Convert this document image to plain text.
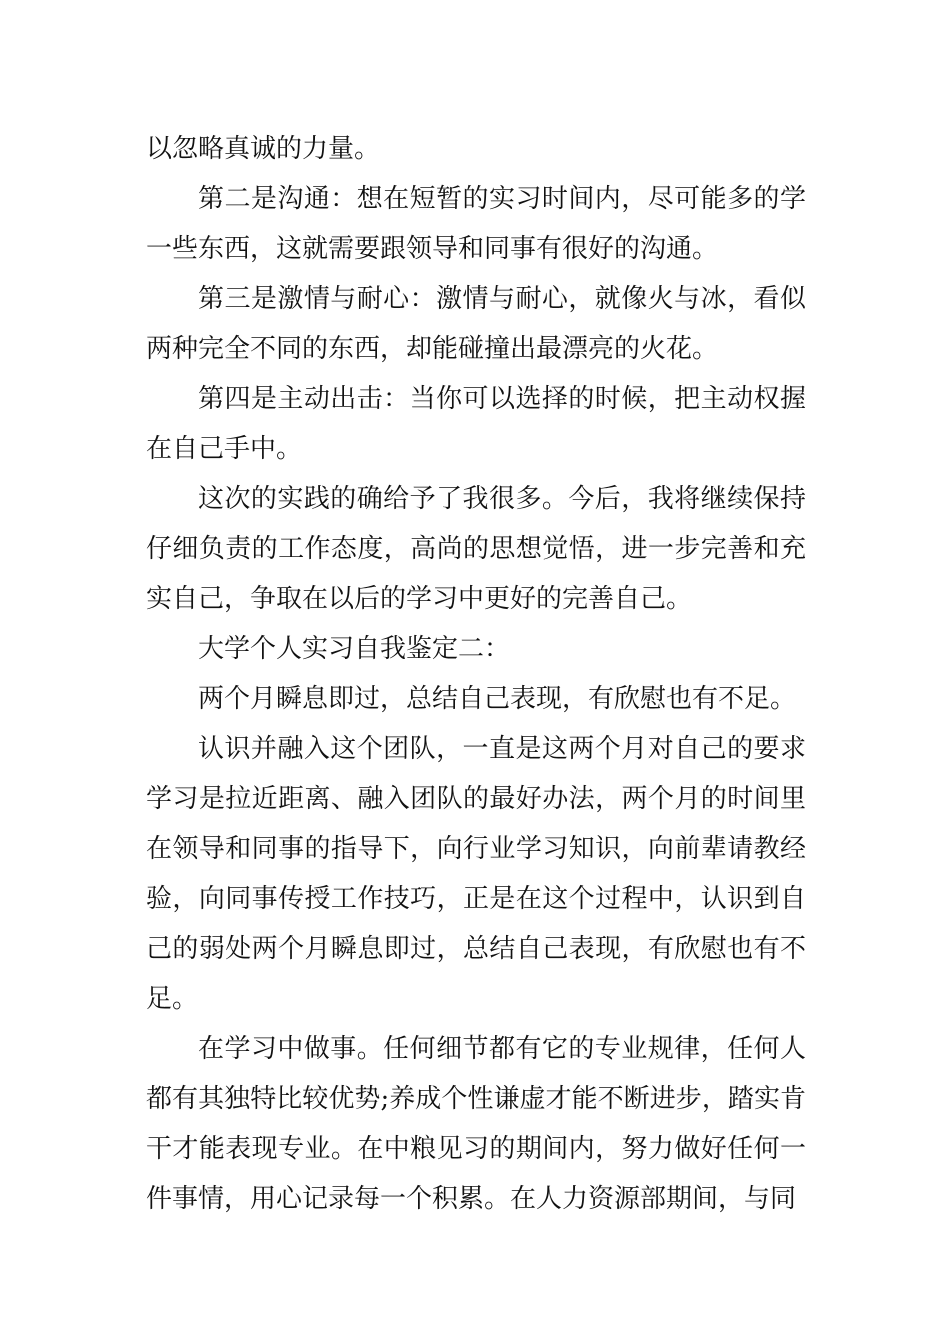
以忽略真诚的力量。

第二是沟通：想在短暂的实习时间内，尽可能多的学一些东西，这就需要跟领导和同事有很好的沟通。

第三是激情与耐心：激情与耐心，就像火与冰，看似两种完全不同的东西，却能碰撞出最漂亮的火花。

第四是主动出击：当你可以选择的时候，把主动权握在自己手中。

这次的实践的确给予了我很多。今后，我将继续保持仔细负责的工作态度，高尚的思想觉悟，进一步完善和充实自己，争取在以后的学习中更好的完善自己。

大学个人实习自我鉴定二：

两个月瞬息即过，总结自己表现，有欣慰也有不足。

认识并融入这个团队，一直是这两个月对自己的要求学习是拉近距离、融入团队的最好办法，两个月的时间里在领导和同事的指导下，向行业学习知识，向前辈请教经验，向同事传授工作技巧，正是在这个过程中，认识到自己的弱处两个月瞬息即过，总结自己表现，有欣慰也有不足。

在学习中做事。任何细节都有它的专业规律，任何人都有其独特比较优势;养成个性谦虚才能不断进步，踏实肯干才能表现专业。在中粮见习的期间内，努力做好任何一件事情，用心记录每一个积累。在人力资源部期间，与同
